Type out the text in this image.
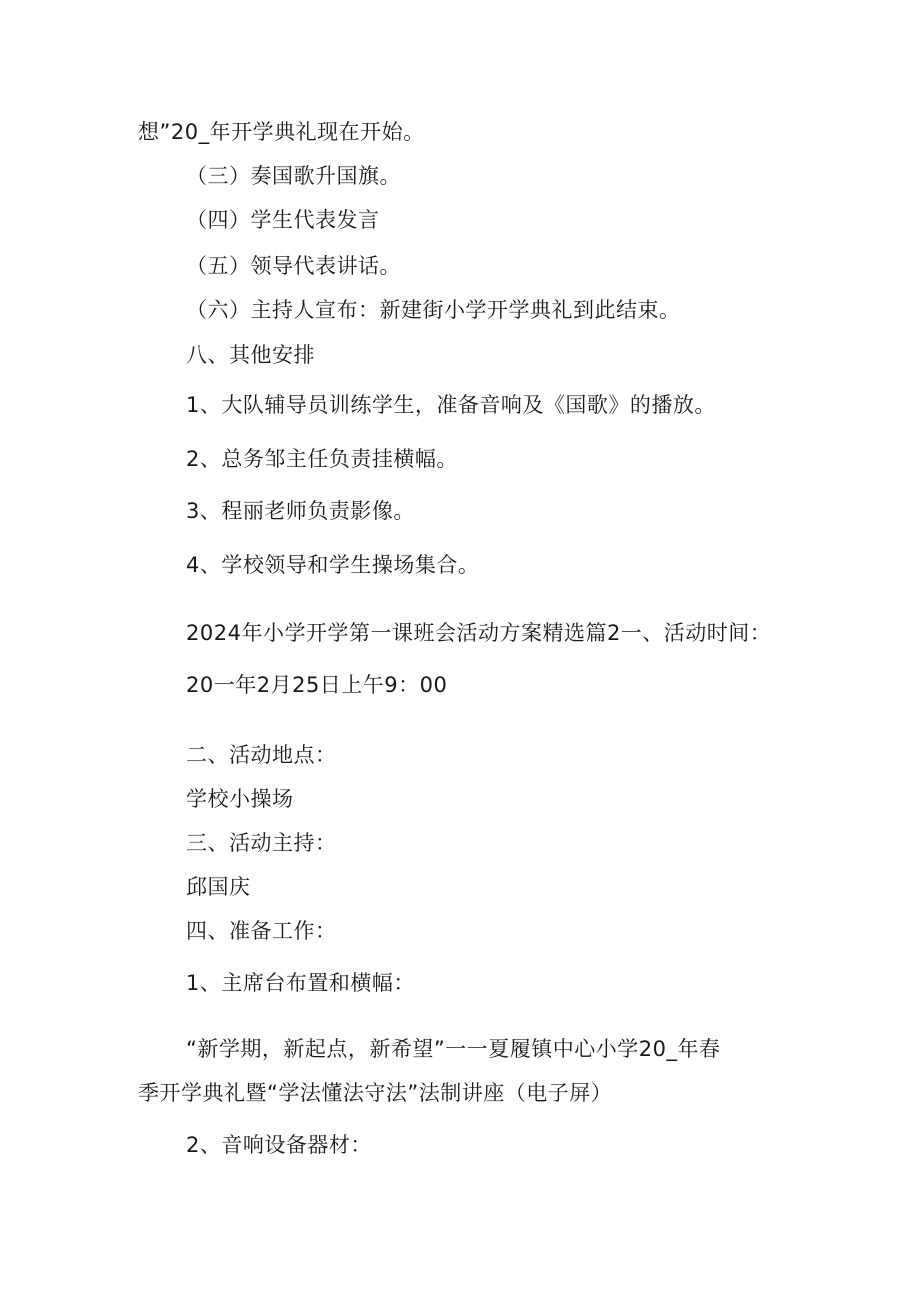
想”20_年开学典礼现在开始。
（三）奏国歌升国旗。
（四）学生代表发言
（五）领导代表讲话。
（六）主持人宣布：新建街小学开学典礼到此结束。
八、其他安排
1、大队辅导员训练学生，准备音响及《国歌》的播放。
2、总务邹主任负责挂横幅。
3、程丽老师负责影像。
4、学校领导和学生操场集合。
2024年小学开学第一课班会活动方案精选篇2一、活动时间：
20一年2月25日上午9：00
二、活动地点：
学校小操场
三、活动主持：
邱国庆
四、准备工作：
1、主席台布置和横幅：
“新学期，新起点，新希望”一一夏履镇中心小学20_年春
季开学典礼暨“学法懂法守法”法制讲座（电子屏）
2、音响设备器材：
